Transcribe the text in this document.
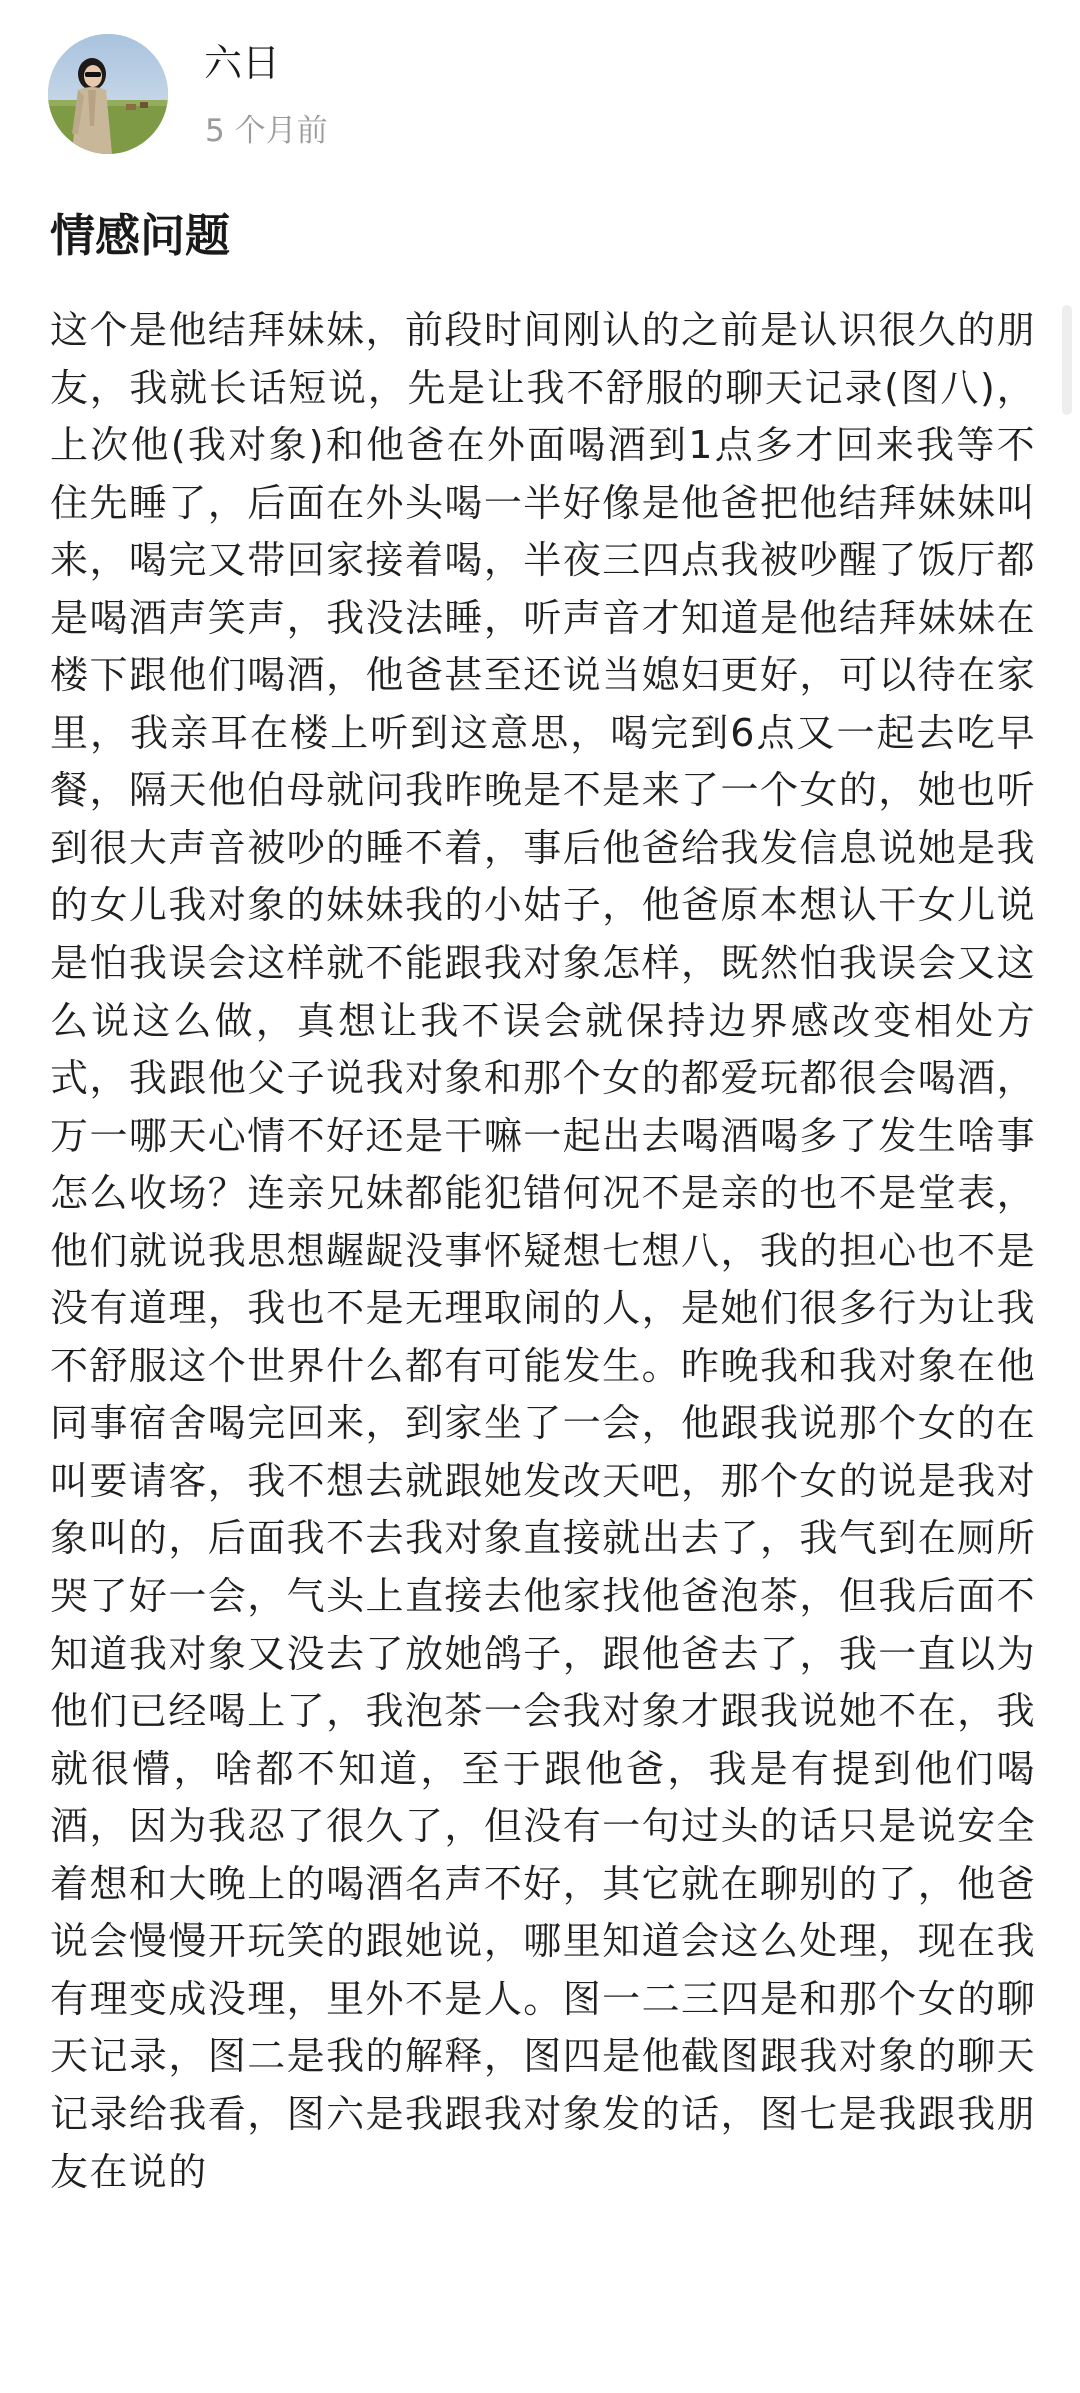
六日
5 个月前
情感问题

这个是他结拜妹妹，前段时间刚认的之前是认识很久的朋友，我就长话短说，先是让我不舒服的聊天记录(图八)，上次他(我对象)和他爸在外面喝酒到1点多才回来我等不住先睡了，后面在外头喝一半好像是他爸把他结拜妹妹叫来，喝完又带回家接着喝，半夜三四点我被吵醒了饭厅都是喝酒声笑声，我没法睡，听声音才知道是他结拜妹妹在楼下跟他们喝酒，他爸甚至还说当媳妇更好，可以待在家里，我亲耳在楼上听到这意思，喝完到6点又一起去吃早餐，隔天他伯母就问我昨晚是不是来了一个女的，她也听到很大声音被吵的睡不着，事后他爸给我发信息说她是我的女儿我对象的妹妹我的小姑子，他爸原本想认干女儿说是怕我误会这样就不能跟我对象怎样，既然怕我误会又这么说这么做，真想让我不误会就保持边界感改变相处方式，我跟他父子说我对象和那个女的都爱玩都很会喝酒，万一哪天心情不好还是干嘛一起出去喝酒喝多了发生啥事怎么收场？连亲兄妹都能犯错何况不是亲的也不是堂表，他们就说我思想龌龊没事怀疑想七想八，我的担心也不是没有道理，我也不是无理取闹的人，是她们很多行为让我不舒服这个世界什么都有可能发生。昨晚我和我对象在他同事宿舍喝完回来，到家坐了一会，他跟我说那个女的在叫要请客，我不想去就跟她发改天吧，那个女的说是我对象叫的，后面我不去我对象直接就出去了，我气到在厕所哭了好一会，气头上直接去他家找他爸泡茶，但我后面不知道我对象又没去了放她鸽子，跟他爸去了，我一直以为他们已经喝上了，我泡茶一会我对象才跟我说她不在，我就很懵，啥都不知道，至于跟他爸，我是有提到他们喝酒，因为我忍了很久了，但没有一句过头的话只是说安全着想和大晚上的喝酒名声不好，其它就在聊别的了，他爸说会慢慢开玩笑的跟她说，哪里知道会这么处理，现在我有理变成没理，里外不是人。图一二三四是和那个女的聊天记录，图二是我的解释，图四是他截图跟我对象的聊天记录给我看，图六是我跟我对象发的话，图七是我跟我朋友在说的
